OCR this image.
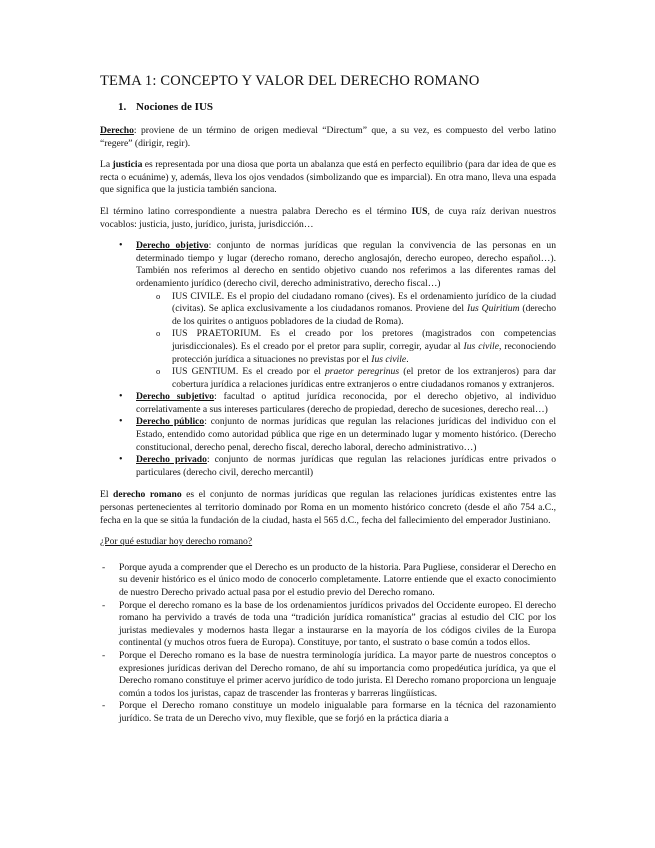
TEMA 1: CONCEPTO Y VALOR DEL DERECHO ROMANO
1. Nociones de IUS

Derecho: proviene de un término de origen medieval “Directum” que, a su vez, es compuesto del verbo latino “regere” (dirigir, regir).

La justicia es representada por una diosa que porta un abalanza que está en perfecto equilibrio (para dar idea de que es recta o ecuánime) y, además, lleva los ojos vendados (simbolizando que es imparcial). En otra mano, lleva una espada que significa que la justicia también sanciona.

El término latino correspondiente a nuestra palabra Derecho es el término IUS, de cuya raíz derivan nuestros vocablos: justicia, justo, jurídico, jurista, jurisdicción…

• Derecho objetivo: conjunto de normas jurídicas que regulan la convivencia de las personas en un determinado tiempo y lugar (derecho romano, derecho anglosajón, derecho europeo, derecho español…). También nos referimos al derecho en sentido objetivo cuando nos referimos a las diferentes ramas del ordenamiento jurídico (derecho civil, derecho administrativo, derecho fiscal…)
o IUS CIVILE. Es el propio del ciudadano romano (cives). Es el ordenamiento jurídico de la ciudad (civitas). Se aplica exclusivamente a los ciudadanos romanos. Proviene del Ius Quiritium (derecho de los quirites o antiguos pobladores de la ciudad de Roma).
o IUS PRAETORIUM. Es el creado por los pretores (magistrados con competencias jurisdiccionales). Es el creado por el pretor para suplir, corregir, ayudar al Ius civile, reconociendo protección jurídica a situaciones no previstas por el Ius civile.
o IUS GENTIUM. Es el creado por el praetor peregrinus (el pretor de los extranjeros) para dar cobertura jurídica a relaciones jurídicas entre extranjeros o entre ciudadanos romanos y extranjeros.
• Derecho subjetivo: facultad o aptitud jurídica reconocida, por el derecho objetivo, al individuo correlativamente a sus intereses particulares (derecho de propiedad, derecho de sucesiones, derecho real…)
• Derecho público: conjunto de normas jurídicas que regulan las relaciones jurídicas del individuo con el Estado, entendido como autoridad pública que rige en un determinado lugar y momento histórico. (Derecho constitucional, derecho penal, derecho fiscal, derecho laboral, derecho administrativo…)
• Derecho privado: conjunto de normas jurídicas que regulan las relaciones jurídicas entre privados o particulares (derecho civil, derecho mercantil)

El derecho romano es el conjunto de normas jurídicas que regulan las relaciones jurídicas existentes entre las personas pertenecientes al territorio dominado por Roma en un momento histórico concreto (desde el año 754 a.C., fecha en la que se sitúa la fundación de la ciudad, hasta el 565 d.C., fecha del fallecimiento del emperador Justiniano.

¿Por qué estudiar hoy derecho romano?

- Porque ayuda a comprender que el Derecho es un producto de la historia. Para Pugliese, considerar el Derecho en su devenir histórico es el único modo de conocerlo completamente. Latorre entiende que el exacto conocimiento de nuestro Derecho privado actual pasa por el estudio previo del Derecho romano.
- Porque el derecho romano es la base de los ordenamientos jurídicos privados del Occidente europeo. El derecho romano ha pervivido a través de toda una “tradición jurídica romanística” gracias al estudio del CIC por los juristas medievales y modernos hasta llegar a instaurarse en la mayoría de los códigos civiles de la Europa continental (y muchos otros fuera de Europa). Constituye, por tanto, el sustrato o base común a todos ellos.
- Porque el Derecho romano es la base de nuestra terminología jurídica. La mayor parte de nuestros conceptos o expresiones jurídicas derivan del Derecho romano, de ahí su importancia como propedéutica jurídica, ya que el Derecho romano constituye el primer acervo jurídico de todo jurista. El Derecho romano proporciona un lenguaje común a todos los juristas, capaz de trascender las fronteras y barreras lingüísticas.
- Porque el Derecho romano constituye un modelo inigualable para formarse en la técnica del razonamiento jurídico. Se trata de un Derecho vivo, muy flexible, que se forjó en la práctica diaria a
